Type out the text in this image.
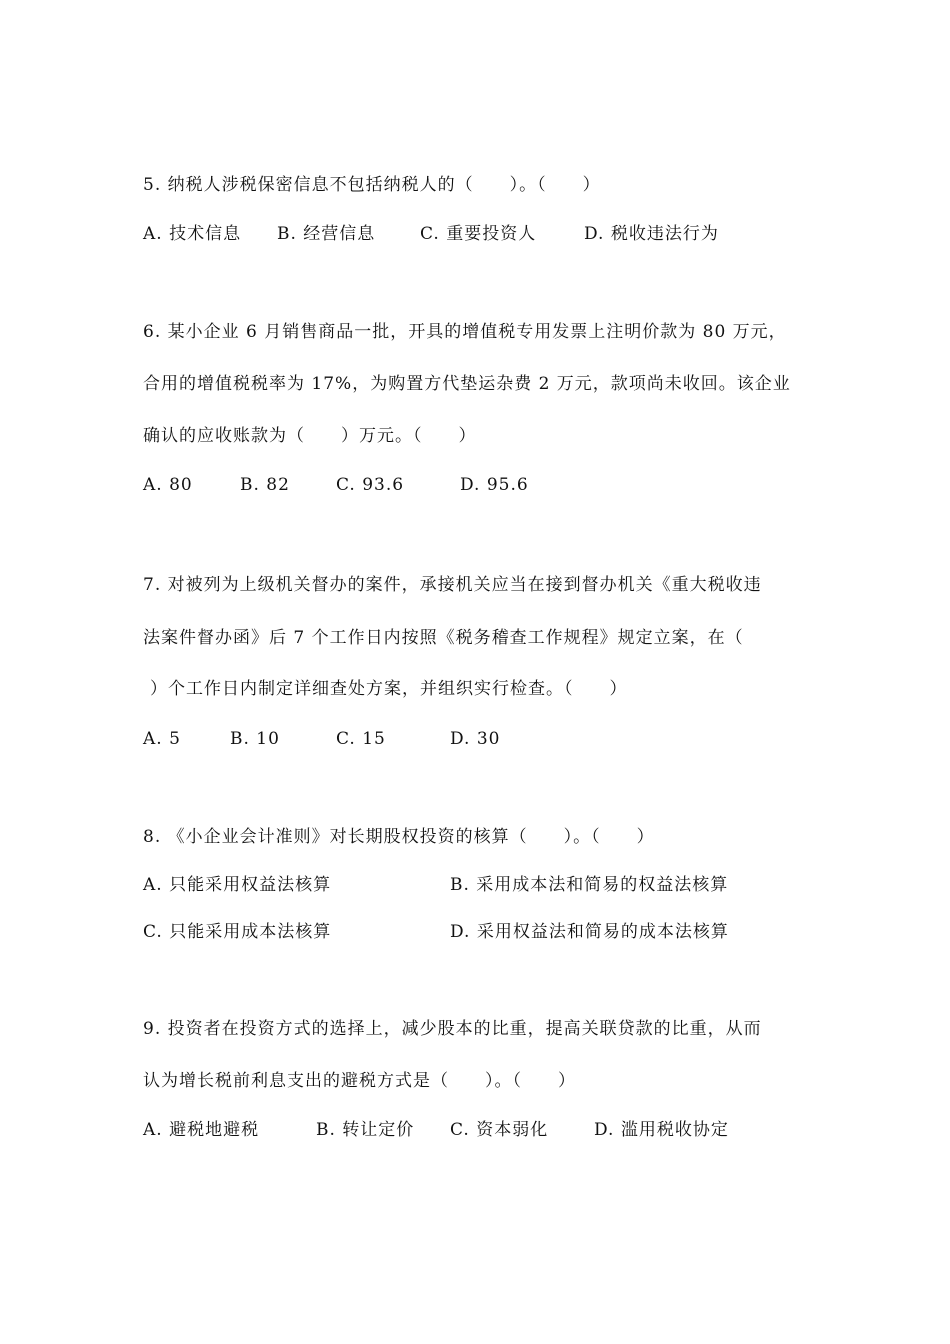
5. 纳税人涉税保密信息不包括纳税人的（　　）。（　　）
A. 技术信息 B. 经营信息	C. 重要投资人	D. 税收违法行为
6. 某小企业 6 月销售商品一批，开具的增值税专用发票上注明价款为 80 万元，
合用的增值税税率为 17%，为购置方代垫运杂费 2 万元，款项尚未收回。该企业
确认的应收账款为（　　）万元。（　　）
A. 80	B. 82	C. 93.6	D. 95.6
7. 对被列为上级机关督办的案件，承接机关应当在接到督办机关《重大税收违
法案件督办函》后 7 个工作日内按照《税务稽查工作规程》规定立案，在（
）个工作日内制定详细查处方案，并组织实行检查。（　　）
A. 5	B. 10	C. 15	D. 30
8. 《小企业会计准则》对长期股权投资的核算（　　）。（　　）
A. 只能采用权益法核算	B. 采用成本法和简易的权益法核算
C. 只能采用成本法核算	D. 采用权益法和简易的成本法核算
9. 投资者在投资方式的选择上，减少股本的比重，提高关联贷款的比重，从而
认为增长税前利息支出的避税方式是（　　）。（　　）
A. 避税地避税	B. 转让定价 C. 资本弱化	D. 滥用税收协定
